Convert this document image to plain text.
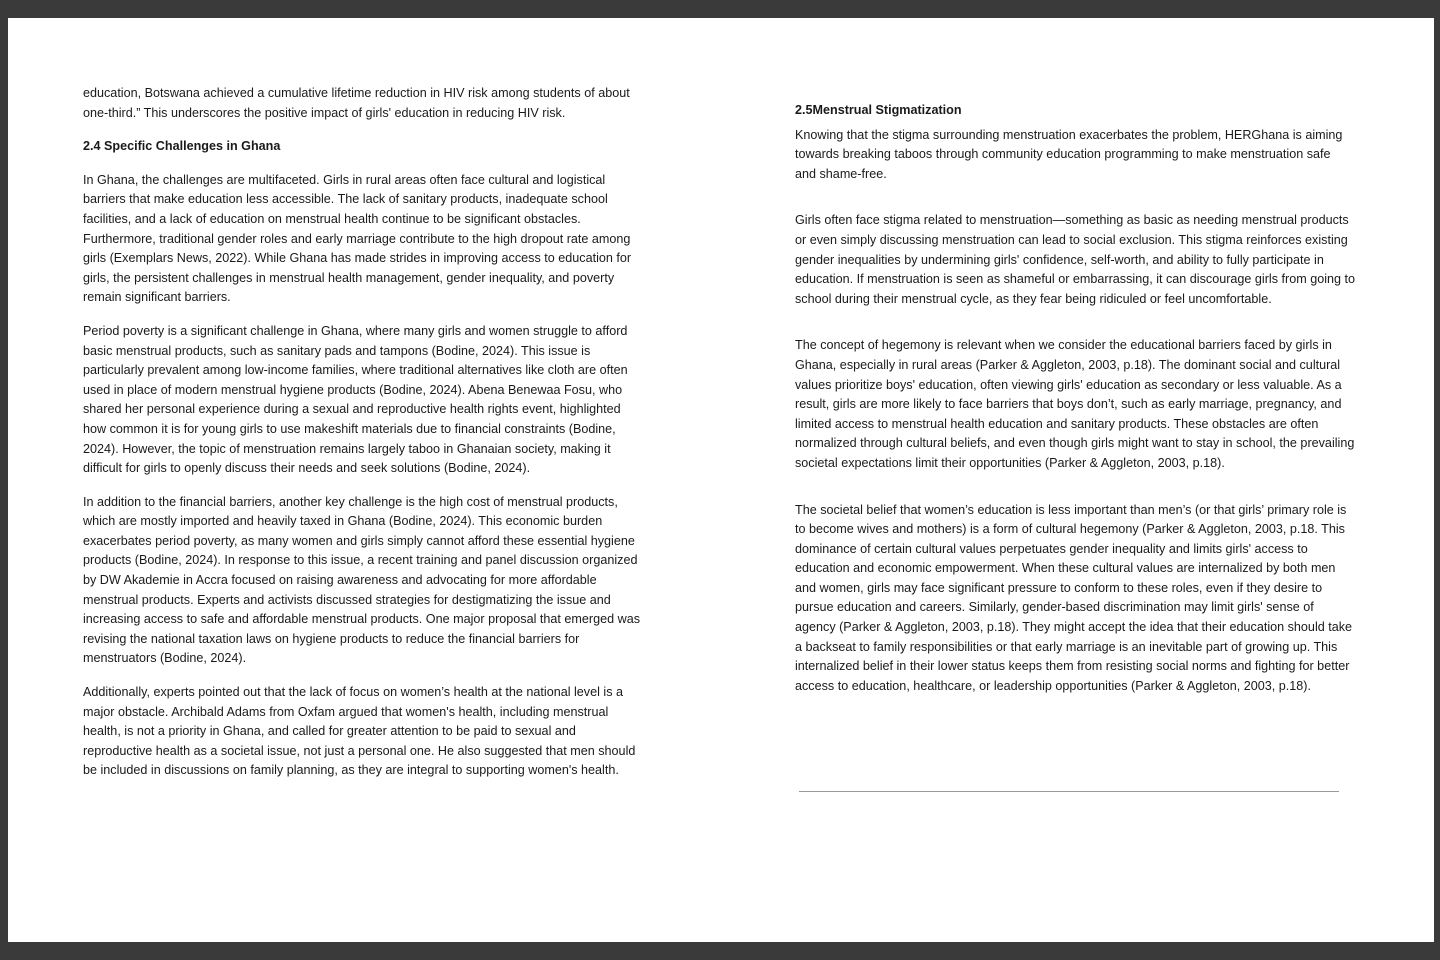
education, Botswana achieved a cumulative lifetime reduction in HIV risk among students of about one-third.” This underscores the positive impact of girls' education in reducing HIV risk.

2.4 Specific Challenges in Ghana

In Ghana, the challenges are multifaceted. Girls in rural areas often face cultural and logistical barriers that make education less accessible. The lack of sanitary products, inadequate school facilities, and a lack of education on menstrual health continue to be significant obstacles. Furthermore, traditional gender roles and early marriage contribute to the high dropout rate among girls (Exemplars News, 2022). While Ghana has made strides in improving access to education for girls, the persistent challenges in menstrual health management, gender inequality, and poverty remain significant barriers.

Period poverty is a significant challenge in Ghana, where many girls and women struggle to afford basic menstrual products, such as sanitary pads and tampons (Bodine, 2024). This issue is particularly prevalent among low-income families, where traditional alternatives like cloth are often used in place of modern menstrual hygiene products (Bodine, 2024). Abena Benewaa Fosu, who shared her personal experience during a sexual and reproductive health rights event, highlighted how common it is for young girls to use makeshift materials due to financial constraints (Bodine, 2024). However, the topic of menstruation remains largely taboo in Ghanaian society, making it difficult for girls to openly discuss their needs and seek solutions (Bodine, 2024).

In addition to the financial barriers, another key challenge is the high cost of menstrual products, which are mostly imported and heavily taxed in Ghana (Bodine, 2024). This economic burden exacerbates period poverty, as many women and girls simply cannot afford these essential hygiene products (Bodine, 2024). In response to this issue, a recent training and panel discussion organized by DW Akademie in Accra focused on raising awareness and advocating for more affordable menstrual products. Experts and activists discussed strategies for destigmatizing the issue and increasing access to safe and affordable menstrual products. One major proposal that emerged was revising the national taxation laws on hygiene products to reduce the financial barriers for menstruators (Bodine, 2024).

Additionally, experts pointed out that the lack of focus on women’s health at the national level is a major obstacle. Archibald Adams from Oxfam argued that women's health, including menstrual health, is not a priority in Ghana, and called for greater attention to be paid to sexual and reproductive health as a societal issue, not just a personal one. He also suggested that men should be included in discussions on family planning, as they are integral to supporting women's health.

2.5Menstrual Stigmatization

Knowing that the stigma surrounding menstruation exacerbates the problem, HERGhana is aiming towards breaking taboos through community education programming to make menstruation safe and shame-free.

Girls often face stigma related to menstruation—something as basic as needing menstrual products or even simply discussing menstruation can lead to social exclusion. This stigma reinforces existing gender inequalities by undermining girls' confidence, self-worth, and ability to fully participate in education. If menstruation is seen as shameful or embarrassing, it can discourage girls from going to school during their menstrual cycle, as they fear being ridiculed or feel uncomfortable.

The concept of hegemony is relevant when we consider the educational barriers faced by girls in Ghana, especially in rural areas (Parker & Aggleton, 2003, p.18). The dominant social and cultural values prioritize boys' education, often viewing girls' education as secondary or less valuable. As a result, girls are more likely to face barriers that boys don’t, such as early marriage, pregnancy, and limited access to menstrual health education and sanitary products. These obstacles are often normalized through cultural beliefs, and even though girls might want to stay in school, the prevailing societal expectations limit their opportunities (Parker & Aggleton, 2003, p.18).

The societal belief that women’s education is less important than men’s (or that girls’ primary role is to become wives and mothers) is a form of cultural hegemony (Parker & Aggleton, 2003, p.18. This dominance of certain cultural values perpetuates gender inequality and limits girls' access to education and economic empowerment. When these cultural values are internalized by both men and women, girls may face significant pressure to conform to these roles, even if they desire to pursue education and careers. Similarly, gender-based discrimination may limit girls' sense of agency (Parker & Aggleton, 2003, p.18). They might accept the idea that their education should take a backseat to family responsibilities or that early marriage is an inevitable part of growing up. This internalized belief in their lower status keeps them from resisting social norms and fighting for better access to education, healthcare, or leadership opportunities (Parker & Aggleton, 2003, p.18).
